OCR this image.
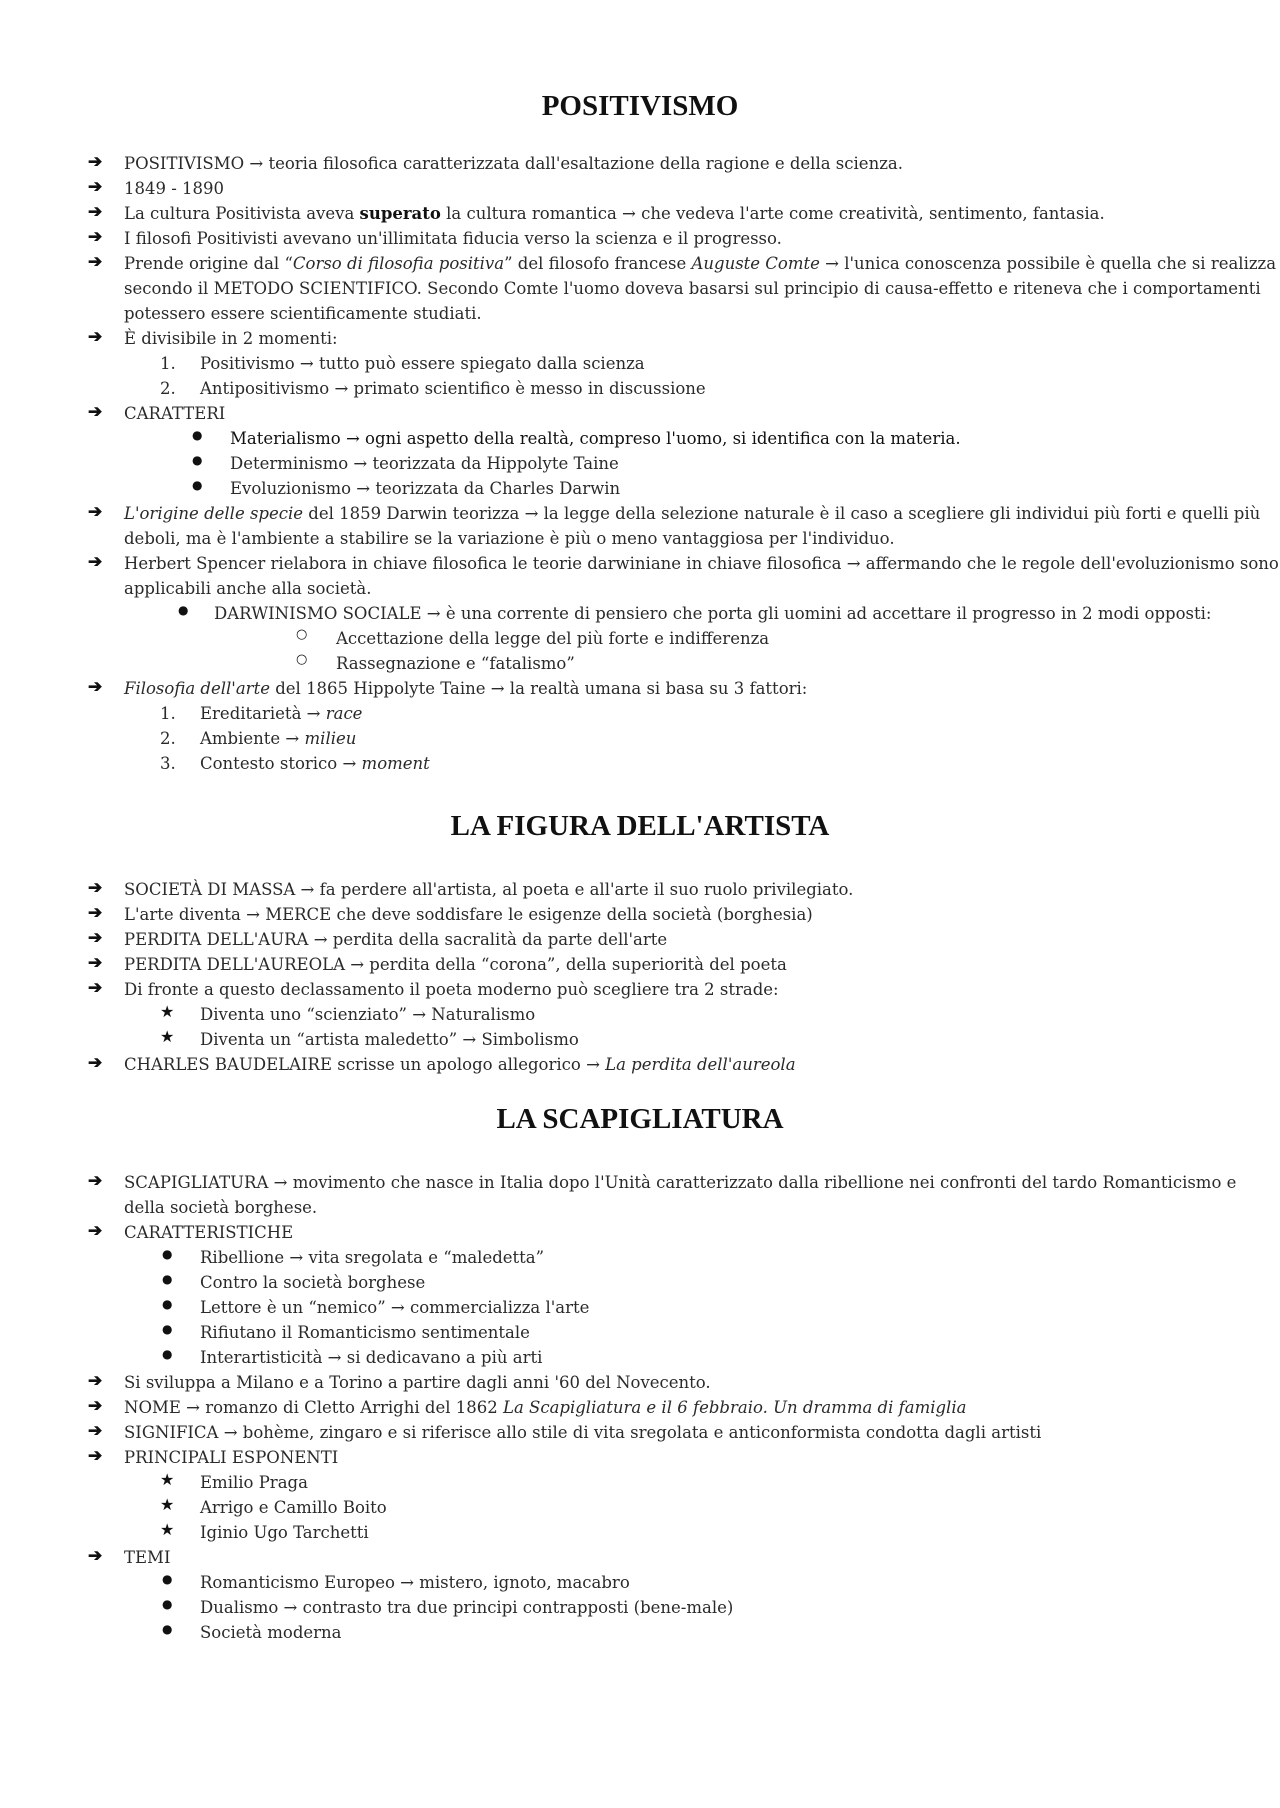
POSITIVISMO
➔ POSITIVISMO → teoria filosofica caratterizzata dall'esaltazione della ragione e della scienza.
➔ 1849 - 1890
➔ La cultura Positivista aveva superato la cultura romantica → che vedeva l'arte come creatività, sentimento, fantasia.
➔ I filosofi Positivisti avevano un'illimitata fiducia verso la scienza e il progresso.
➔ Prende origine dal “Corso di filosofia positiva” del filosofo francese Auguste Comte → l'unica conoscenza possibile è quella che si realizza
secondo il METODO SCIENTIFICO. Secondo Comte l'uomo doveva basarsi sul principio di causa-effetto e riteneva che i comportamenti
potessero essere scientificamente studiati.
➔ È divisibile in 2 momenti:
1. Positivismo → tutto può essere spiegato dalla scienza
2. Antipositivismo → primato scientifico è messo in discussione
➔ CARATTERI
● Materialismo → ogni aspetto della realtà, compreso l'uomo, si identifica con la materia.
● Determinismo → teorizzata da Hippolyte Taine
● Evoluzionismo → teorizzata da Charles Darwin
➔ L'origine delle specie del 1859 Darwin teorizza → la legge della selezione naturale è il caso a scegliere gli individui più forti e quelli più
deboli, ma è l'ambiente a stabilire se la variazione è più o meno vantaggiosa per l'individuo.
➔ Herbert Spencer rielabora in chiave filosofica le teorie darwiniane in chiave filosofica → affermando che le regole dell'evoluzionismo sono
applicabili anche alla società.
● DARWINISMO SOCIALE → è una corrente di pensiero che porta gli uomini ad accettare il progresso in 2 modi opposti:
○ Accettazione della legge del più forte e indifferenza
○ Rassegnazione e “fatalismo”
➔ Filosofia dell'arte del 1865 Hippolyte Taine → la realtà umana si basa su 3 fattori:
1. Ereditarietà → race
2. Ambiente → milieu
3. Contesto storico → moment
LA FIGURA DELL'ARTISTA
➔ SOCIETÀ DI MASSA → fa perdere all'artista, al poeta e all'arte il suo ruolo privilegiato.
➔ L'arte diventa → MERCE che deve soddisfare le esigenze della società (borghesia)
➔ PERDITA DELL'AURA → perdita della sacralità da parte dell'arte
➔ PERDITA DELL'AUREOLA → perdita della “corona”, della superiorità del poeta
➔ Di fronte a questo declassamento il poeta moderno può scegliere tra 2 strade:
★ Diventa uno “scienziato” → Naturalismo
★ Diventa un “artista maledetto” → Simbolismo
➔ CHARLES BAUDELAIRE scrisse un apologo allegorico → La perdita dell'aureola
LA SCAPIGLIATURA
➔ SCAPIGLIATURA → movimento che nasce in Italia dopo l'Unità caratterizzato dalla ribellione nei confronti del tardo Romanticismo e
della società borghese.
➔ CARATTERISTICHE
● Ribellione → vita sregolata e “maledetta”
● Contro la società borghese
● Lettore è un “nemico” → commercializza l'arte
● Rifiutano il Romanticismo sentimentale
● Interartisticità → si dedicavano a più arti
➔ Si sviluppa a Milano e a Torino a partire dagli anni '60 del Novecento.
➔ NOME → romanzo di Cletto Arrighi del 1862 La Scapigliatura e il 6 febbraio. Un dramma di famiglia
➔ SIGNIFICA → bohème, zingaro e si riferisce allo stile di vita sregolata e anticonformista condotta dagli artisti
➔ PRINCIPALI ESPONENTI
★ Emilio Praga
★ Arrigo e Camillo Boito
★ Iginio Ugo Tarchetti
➔ TEMI
● Romanticismo Europeo → mistero, ignoto, macabro
● Dualismo → contrasto tra due principi contrapposti (bene-male)
● Società moderna
